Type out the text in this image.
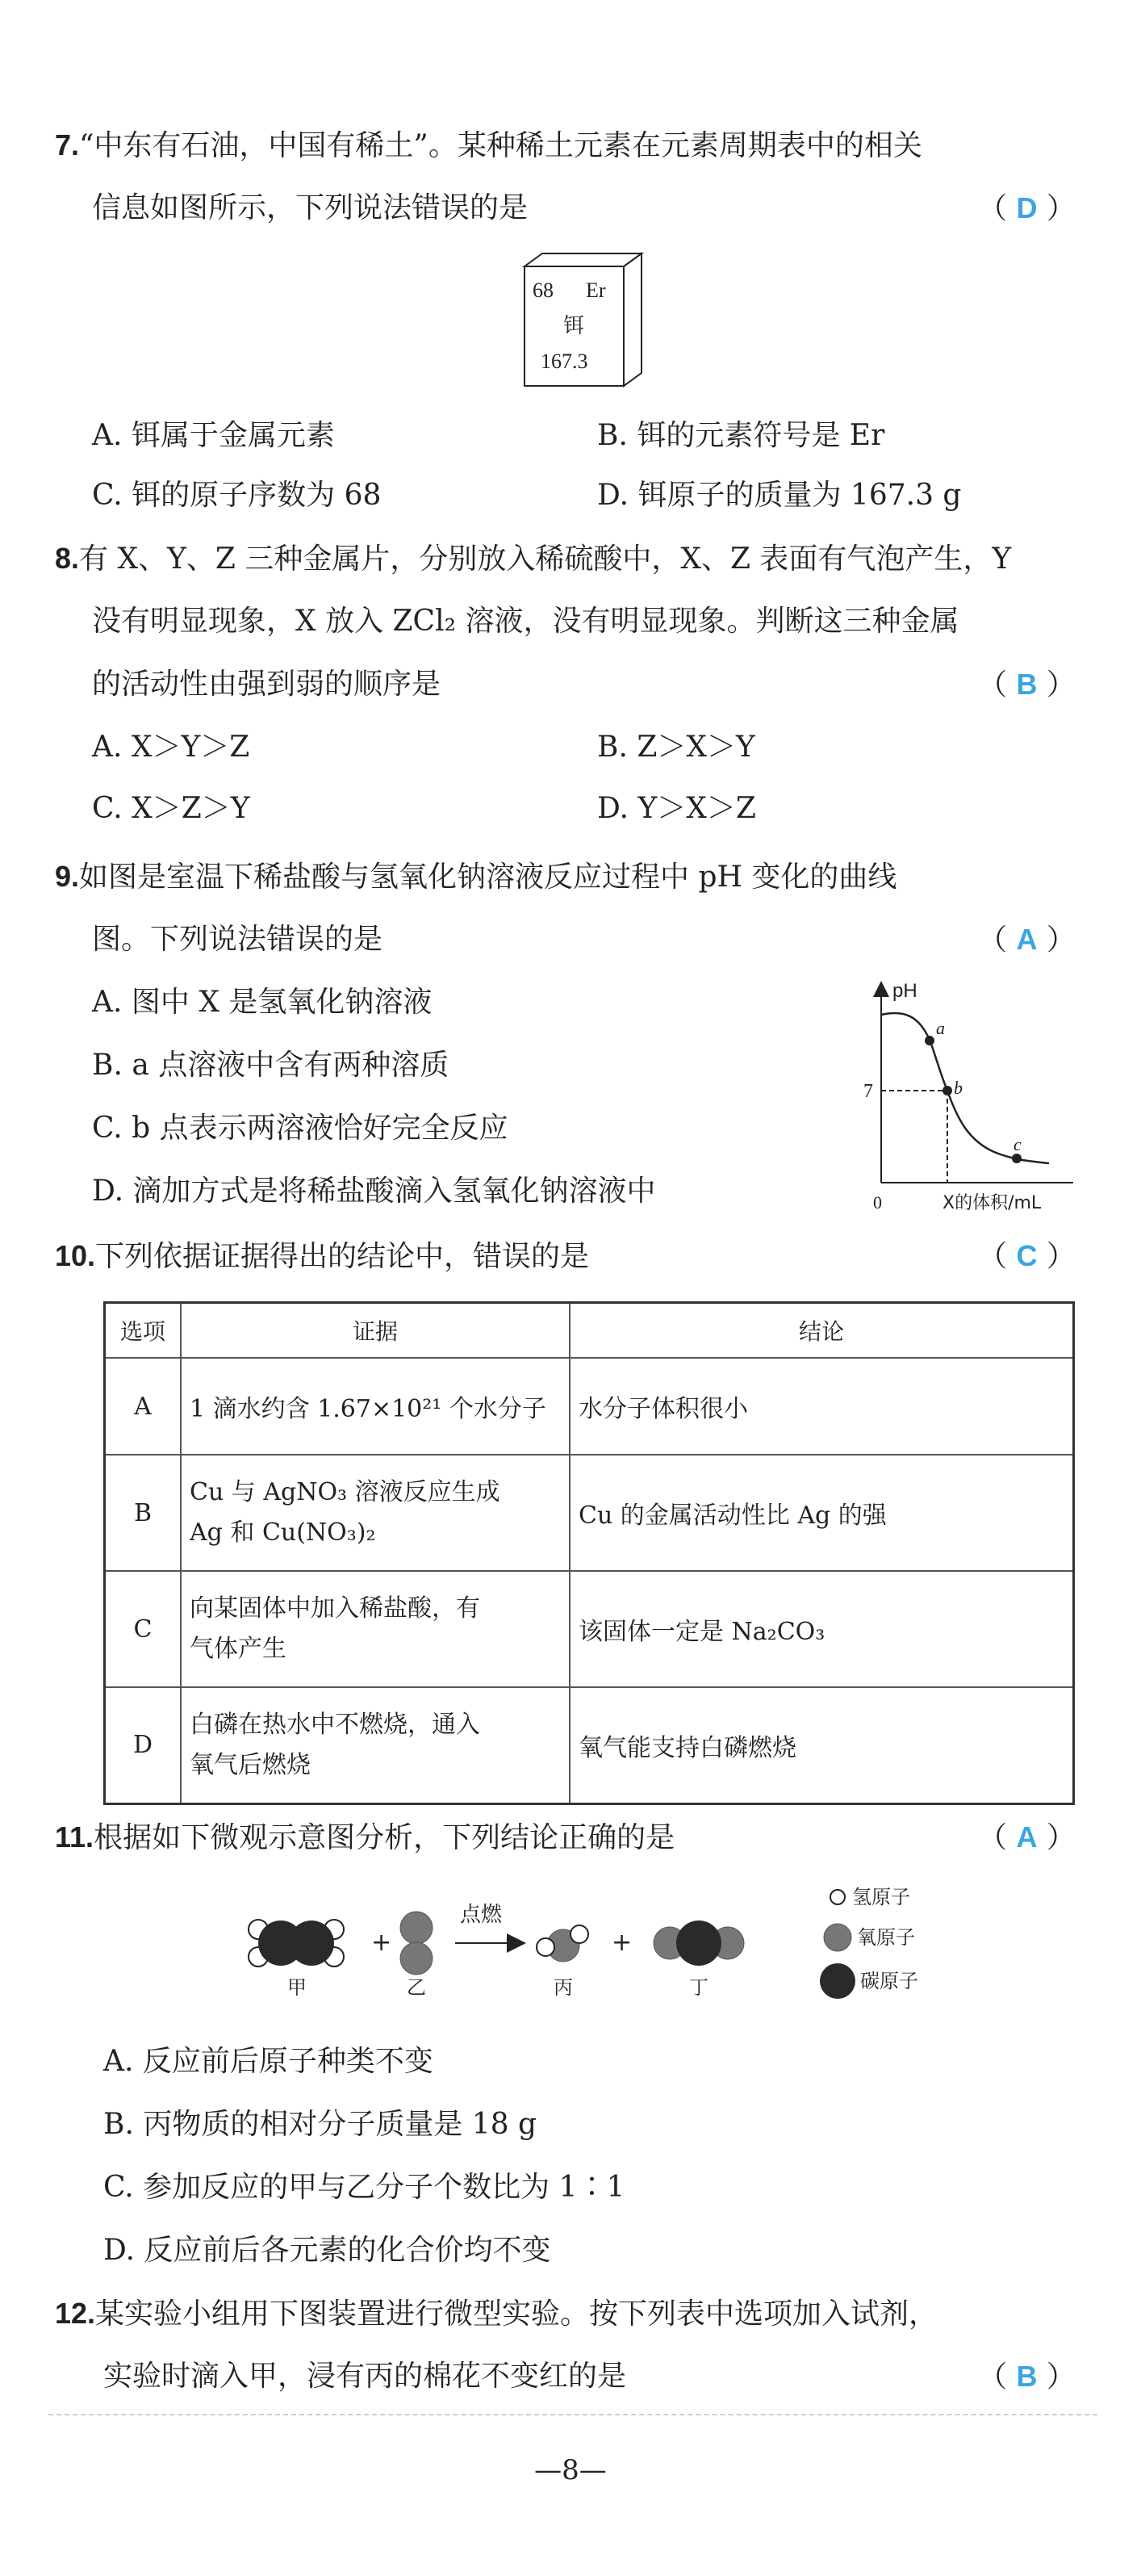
7.“中东有石油，中国有稀土”。某种稀土元素在元素周期表中的相关
信息如图所示，下列说法错误的是	（ D ）
68 Er
铒
167.3
A. 铒属于金属元素	B. 铒的元素符号是 Er
C. 铒的原子序数为 68	D. 铒原子的质量为 167.3 g
8.有 X、Y、Z 三种金属片，分别放入稀硫酸中，X、Z 表面有气泡产生，Y
没有明显现象，X 放入 ZCl₂ 溶液，没有明显现象。判断这三种金属
的活动性由强到弱的顺序是	（ B ）
A. X＞Y＞Z	B. Z＞X＞Y
C. X＞Z＞Y	D. Y＞X＞Z
9.如图是室温下稀盐酸与氢氧化钠溶液反应过程中 pH 变化的曲线
图。下列说法错误的是	（ A ）
A. 图中 X 是氢氧化钠溶液
B. a 点溶液中含有两种溶质
C. b 点表示两溶液恰好完全反应
D. 滴加方式是将稀盐酸滴入氢氧化钠溶液中
pH
0	X的体积/mL
7
a
b
c
10.下列依据证据得出的结论中，错误的是	（ C ）
选项	证据	结论
A	1 滴水约含 1.67×10²¹ 个水分子	水分子体积很小
B	Cu 与 AgNO₃ 溶液反应生成
Ag 和 Cu(NO₃)₂	Cu 的金属活动性比 Ag 的强
C	向某固体中加入稀盐酸，有
气体产生	该固体一定是 Na₂CO₃
D	白磷在热水中不燃烧，通入
氧气后燃烧	氧气能支持白磷燃烧
11.根据如下微观示意图分析，下列结论正确的是	（ A ）
+
点燃
+
甲	乙	丙	丁
氢原子
氧原子
碳原子
A. 反应前后原子种类不变
B. 丙物质的相对分子质量是 18 g
C. 参加反应的甲与乙分子个数比为 1∶1
D. 反应前后各元素的化合价均不变
12.某实验小组用下图装置进行微型实验。按下列表中选项加入试剂，
实验时滴入甲，浸有丙的棉花不变红的是	（ B ）
—8—
